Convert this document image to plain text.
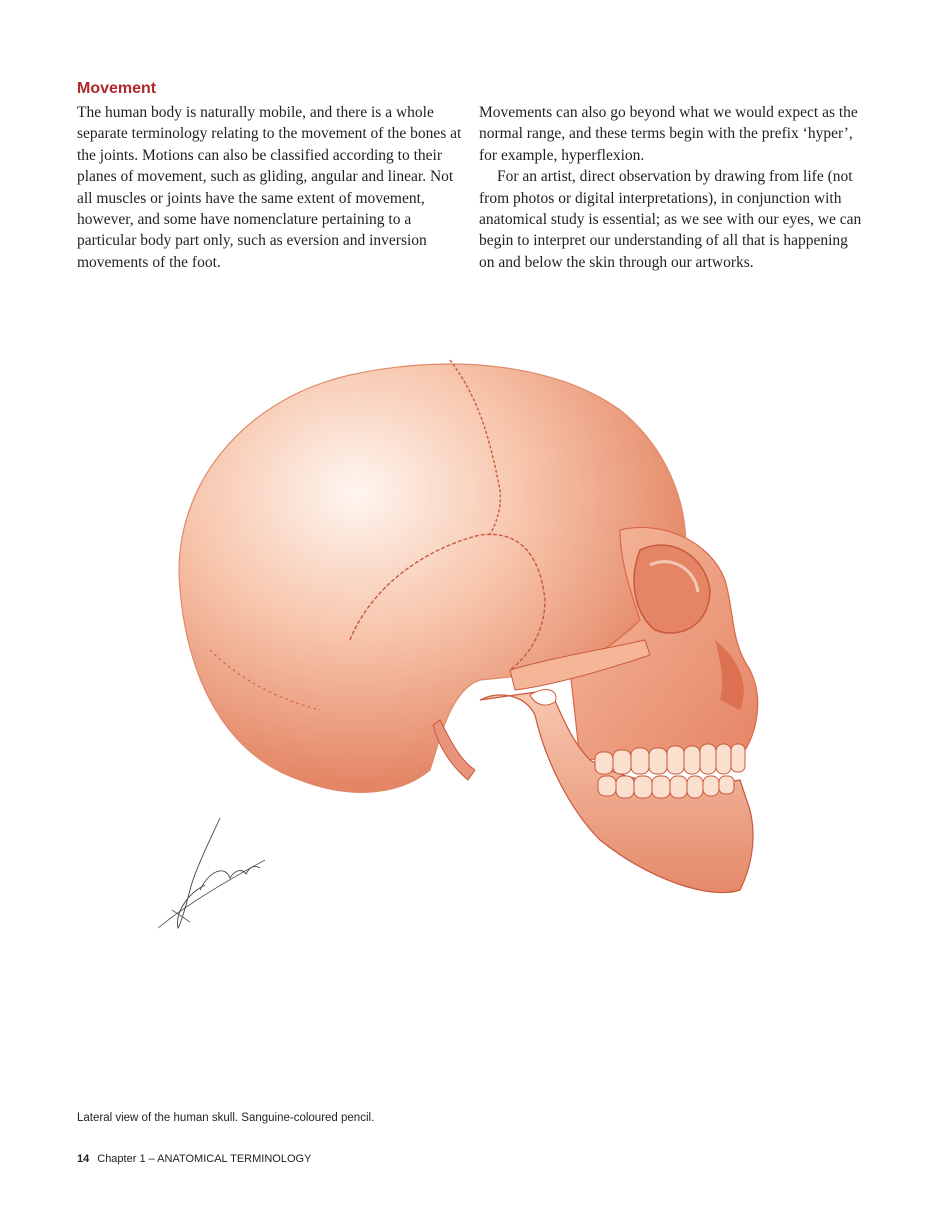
Movement

The human body is naturally mobile, and there is a whole separate terminology relating to the movement of the bones at the joints. Motions can also be classified according to their planes of movement, such as gliding, angular and linear. Not all muscles or joints have the same extent of movement, however, and some have nomenclature pertaining to a particular body part only, such as eversion and inversion movements of the foot.

Movements can also go beyond what we would expect as the normal range, and these terms begin with the prefix ‘hyper’, for example, hyperflexion.

For an artist, direct observation by drawing from life (not from photos or digital interpretations), in conjunction with anatomical study is essential; as we see with our eyes, we can begin to interpret our understanding of all that is happening on and below the skin through our artworks.

Lateral view of the human skull. Sanguine-coloured pencil.

14 Chapter 1 – ANATOMICAL TERMINOLOGY
